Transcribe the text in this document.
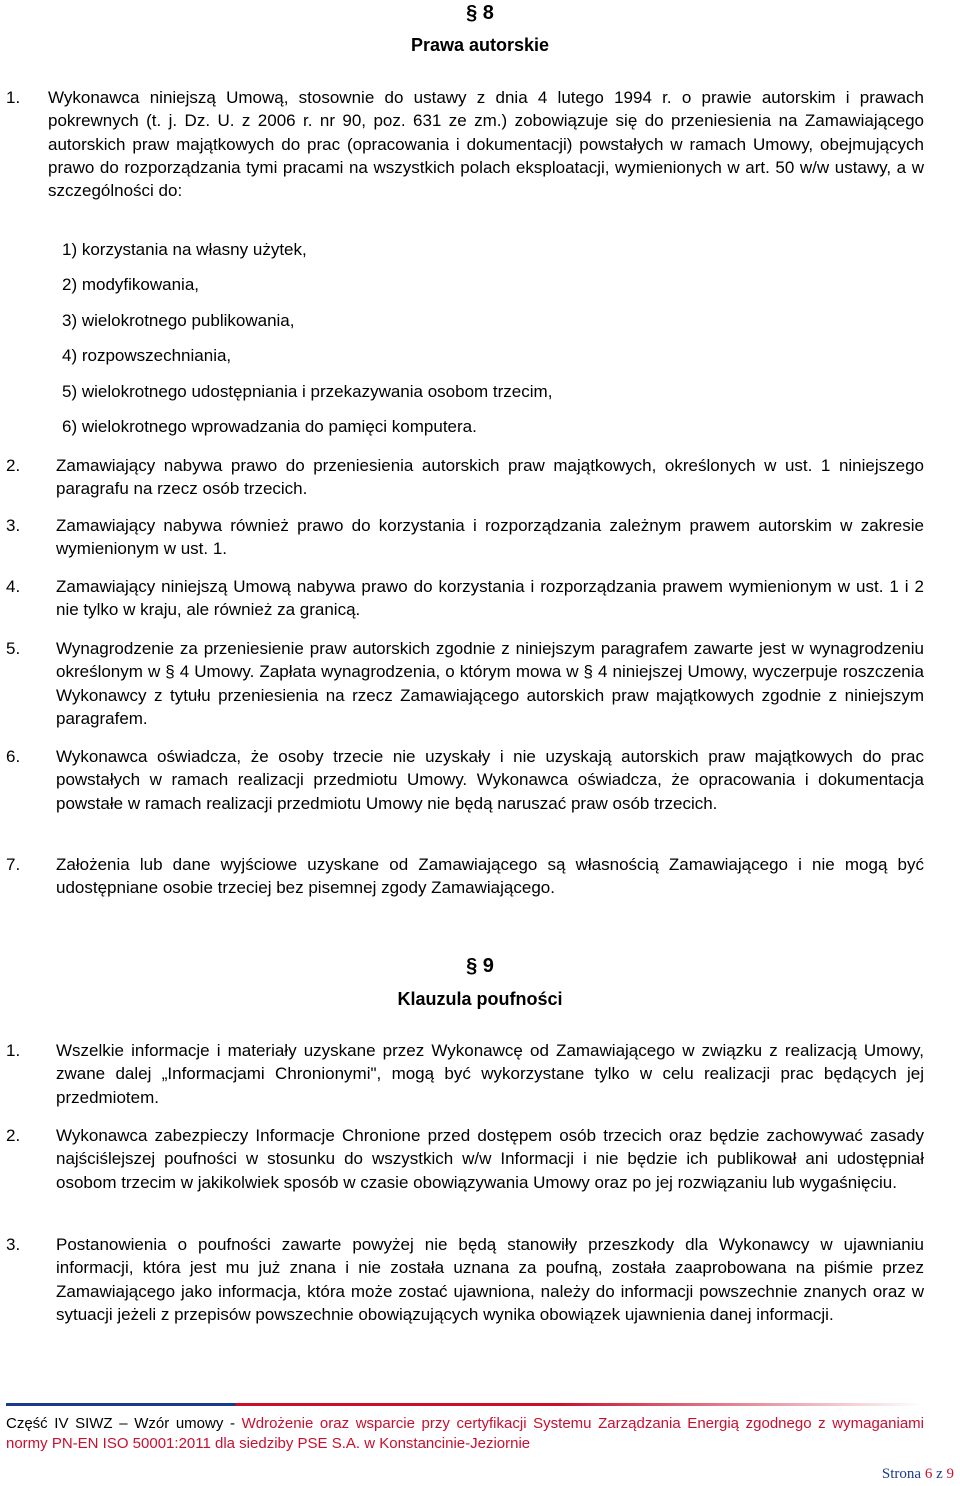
§ 8
Prawa autorskie
1.	Wykonawca niniejszą Umową, stosownie do ustawy z dnia 4 lutego 1994 r. o prawie autorskim i prawach pokrewnych (t. j. Dz. U. z 2006 r. nr 90, poz. 631 ze zm.) zobowiązuje się do przeniesienia na Zamawiającego autorskich praw majątkowych do prac (opracowania i dokumentacji) powstałych w ramach Umowy, obejmujących prawo do rozporządzania tymi pracami na wszystkich polach eksploatacji, wymienionych w art. 50 w/w ustawy, a w szczególności do:
1) korzystania na własny użytek,
2) modyfikowania,
3) wielokrotnego publikowania,
4) rozpowszechniania,
5) wielokrotnego udostępniania i przekazywania osobom trzecim,
6) wielokrotnego wprowadzania do pamięci komputera.
2.	Zamawiający nabywa prawo do przeniesienia autorskich praw majątkowych, określonych w ust. 1 niniejszego paragrafu na rzecz osób trzecich.
3.	Zamawiający nabywa również prawo do korzystania i rozporządzania zależnym prawem autorskim w zakresie wymienionym w ust. 1.
4.	Zamawiający niniejszą Umową nabywa prawo do korzystania i rozporządzania prawem wymienionym w ust. 1 i 2 nie tylko w kraju, ale również za granicą.
5.	Wynagrodzenie za przeniesienie praw autorskich zgodnie z niniejszym paragrafem zawarte jest w wynagrodzeniu określonym w § 4 Umowy. Zapłata wynagrodzenia, o którym mowa w § 4 niniejszej Umowy, wyczerpuje roszczenia Wykonawcy z tytułu przeniesienia na rzecz Zamawiającego autorskich praw majątkowych zgodnie z niniejszym paragrafem.
6.	Wykonawca oświadcza, że osoby trzecie nie uzyskały i nie uzyskają autorskich praw majątkowych do prac powstałych w ramach realizacji przedmiotu Umowy. Wykonawca oświadcza, że opracowania i dokumentacja powstałe w ramach realizacji przedmiotu Umowy nie będą naruszać praw osób trzecich.
7.	Założenia lub dane wyjściowe uzyskane od Zamawiającego są własnością Zamawiającego i nie mogą być udostępniane osobie trzeciej bez pisemnej zgody Zamawiającego.
§ 9
Klauzula poufności
1.	Wszelkie informacje i materiały uzyskane przez Wykonawcę od Zamawiającego w związku z realizacją Umowy, zwane dalej „Informacjami Chronionymi", mogą być wykorzystane tylko w celu realizacji prac będących jej przedmiotem.
2.	Wykonawca zabezpieczy Informacje Chronione przed dostępem osób trzecich oraz będzie zachowywać zasady najściślejszej poufności w stosunku do wszystkich w/w Informacji i nie będzie ich publikował ani udostępniał osobom trzecim w jakikolwiek sposób w czasie obowiązywania Umowy oraz po jej rozwiązaniu lub wygaśnięciu.
3.	Postanowienia o poufności zawarte powyżej nie będą stanowiły przeszkody dla Wykonawcy w ujawnianiu informacji, która jest mu już znana i nie została uznana za poufną, została zaaprobowana na piśmie przez Zamawiającego jako informacja, która może zostać ujawniona, należy do informacji powszechnie znanych oraz w sytuacji jeżeli z przepisów powszechnie obowiązujących wynika obowiązek ujawnienia danej informacji.
Część IV SIWZ – Wzór umowy - Wdrożenie oraz wsparcie przy certyfikacji Systemu Zarządzania Energią zgodnego z wymaganiami normy PN-EN ISO 50001:2011 dla siedziby PSE S.A. w Konstancinie-Jeziornie
Strona 6 z 9
